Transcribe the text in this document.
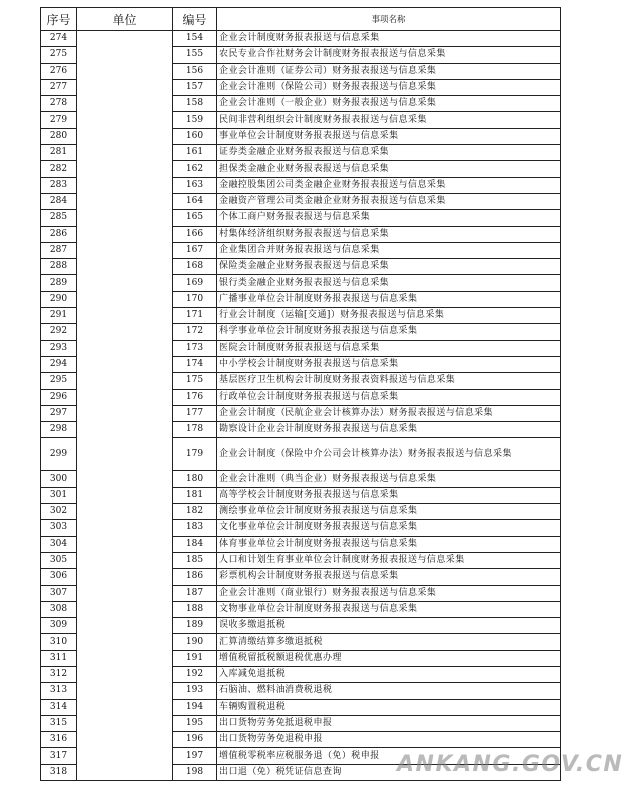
序号	单位	编号	事项名称
274		154	企业会计制度财务报表报送与信息采集
275		155	农民专业合作社财务会计制度财务报表报送与信息采集
276		156	企业会计准则（证券公司）财务报表报送与信息采集
277		157	企业会计准则（保险公司）财务报表报送与信息采集
278		158	企业会计准则（一般企业）财务报表报送与信息采集
279		159	民间非营利组织会计制度财务报表报送与信息采集
280		160	事业单位会计制度财务报表报送与信息采集
281		161	证券类金融企业财务报表报送与信息采集
282		162	担保类金融企业财务报表报送与信息采集
283		163	金融控股集团公司类金融企业财务报表报送与信息采集
284		164	金融资产管理公司类金融企业财务报表报送与信息采集
285		165	个体工商户财务报表报送与信息采集
286		166	村集体经济组织财务报表报送与信息采集
287		167	企业集团合并财务报表报送与信息采集
288		168	保险类金融企业财务报表报送与信息采集
289		169	银行类金融企业财务报表报送与信息采集
290		170	广播事业单位会计制度财务报表报送与信息采集
291		171	行业会计制度（运输[交通]）财务报表报送与信息采集
292		172	科学事业单位会计制度财务报表报送与信息采集
293		173	医院会计制度财务报表报送与信息采集
294		174	中小学校会计制度财务报表报送与信息采集
295		175	基层医疗卫生机构会计制度财务报表资料报送与信息采集
296		176	行政单位会计制度财务报表报送与信息采集
297		177	企业会计制度（民航企业会计核算办法）财务报表报送与信息采集
298		178	勘察设计企业会计制度财务报表报送与信息采集
299		179	企业会计制度（保险中介公司会计核算办法）财务报表报送与信息采集
300		180	企业会计准则（典当企业）财务报表报送与信息采集
301		181	高等学校会计制度财务报表报送与信息采集
302		182	测绘事业单位会计制度财务报表报送与信息采集
303		183	文化事业单位会计制度财务报表报送与信息采集
304		184	体育事业单位会计制度财务报表报送与信息采集
305		185	人口和计划生育事业单位会计制度财务报表报送与信息采集
306		186	彩票机构会计制度财务报表报送与信息采集
307		187	企业会计准则（商业银行）财务报表报送与信息采集
308		188	文物事业单位会计制度财务报表报送与信息采集
309		189	误收多缴退抵税
310		190	汇算清缴结算多缴退抵税
311		191	增值税留抵税额退税优惠办理
312		192	入库减免退抵税
313		193	石脑油、燃料油消费税退税
314		194	车辆购置税退税
315		195	出口货物劳务免抵退税申报
316		196	出口货物劳务免退税申报
317		197	增值税零税率应税服务退（免）税申报
318		198	出口退（免）税凭证信息查询	ANKANG.GOV.CN
